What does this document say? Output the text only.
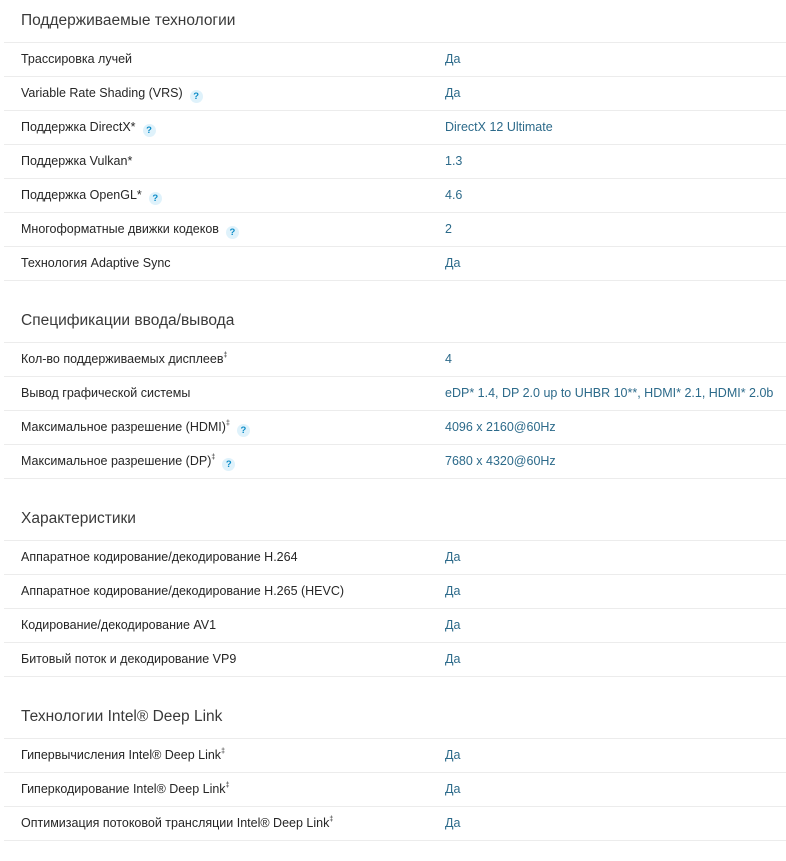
Поддерживаемые технологии
Трассировка лучей	Да
Variable Rate Shading (VRS) ?	Да
Поддержка DirectX* ?	DirectX 12 Ultimate
Поддержка Vulkan*	1.3
Поддержка OpenGL* ?	4.6
Многоформатные движки кодеков ?	2
Технология Adaptive Sync	Да
Спецификации ввода/вывода
Кол-во поддерживаемых дисплеев‡	4
Вывод графической системы	eDP* 1.4, DP 2.0 up to UHBR 10**, HDMI* 2.1, HDMI* 2.0b
Максимальное разрешение (HDMI)‡?	4096 x 2160@60Hz
Максимальное разрешение (DP)‡?	7680 x 4320@60Hz
Характеристики
Аппаратное кодирование/декодирование H.264	Да
Аппаратное кодирование/декодирование H.265 (HEVC)	Да
Кодирование/декодирование AV1	Да
Битовый поток и декодирование VP9	Да
Технологии Intel® Deep Link
Гипервычисления Intel® Deep Link‡	Да
Гиперкодирование Intel® Deep Link‡	Да
Оптимизация потоковой трансляции Intel® Deep Link‡	Да
